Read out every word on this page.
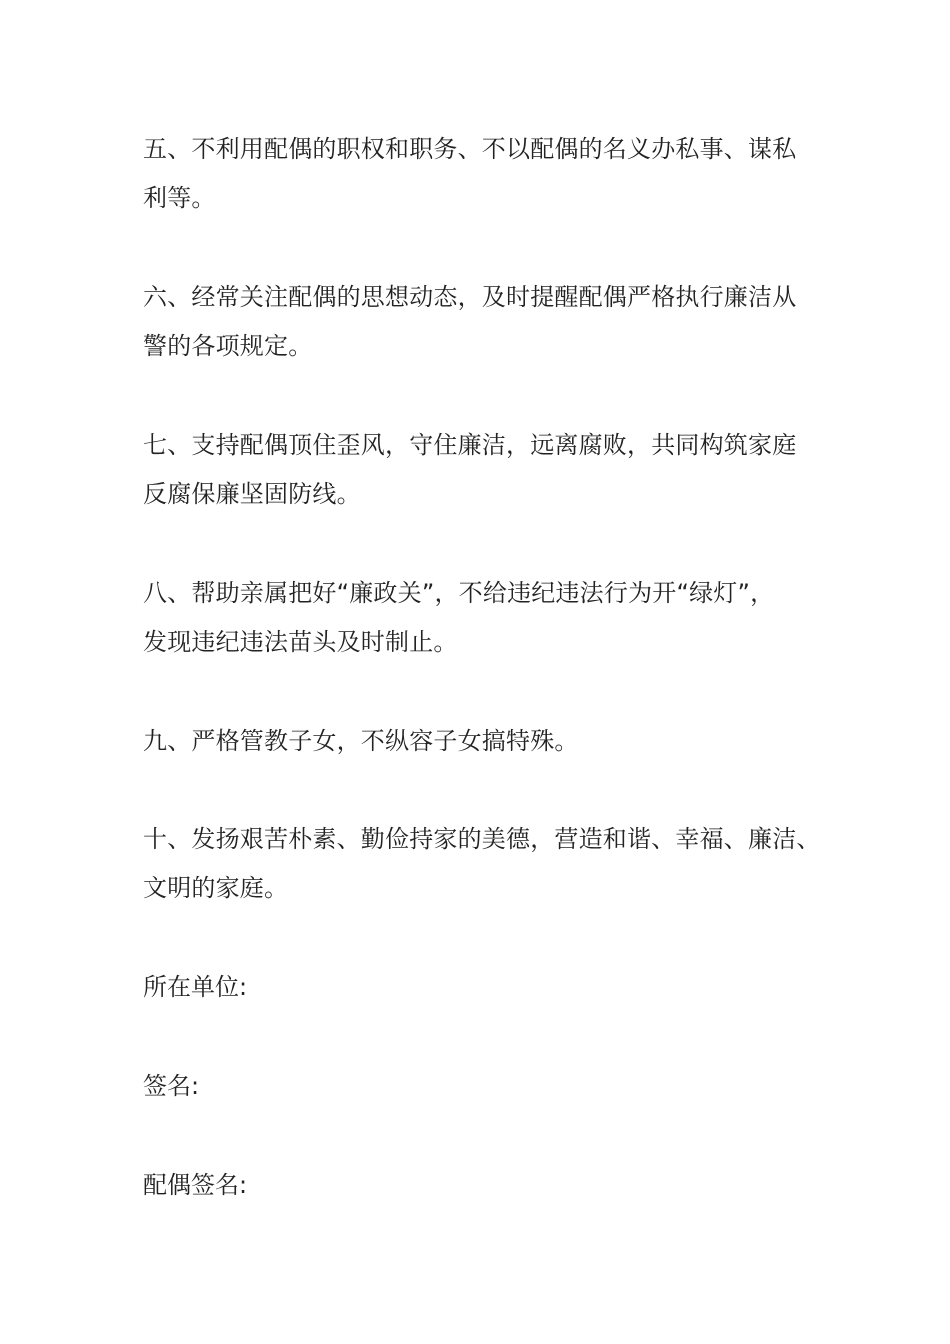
五、不利用配偶的职权和职务、不以配偶的名义办私事、谋私
利等。

六、经常关注配偶的思想动态，及时提醒配偶严格执行廉洁从
警的各项规定。

七、支持配偶顶住歪风，守住廉洁，远离腐败，共同构筑家庭
反腐保廉坚固防线。

八、帮助亲属把好“廉政关”，不给违纪违法行为开“绿灯”，
发现违纪违法苗头及时制止。

九、严格管教子女，不纵容子女搞特殊。

十、发扬艰苦朴素、勤俭持家的美德，营造和谐、幸福、廉洁、
文明的家庭。

所在单位:
签名:
配偶签名:
